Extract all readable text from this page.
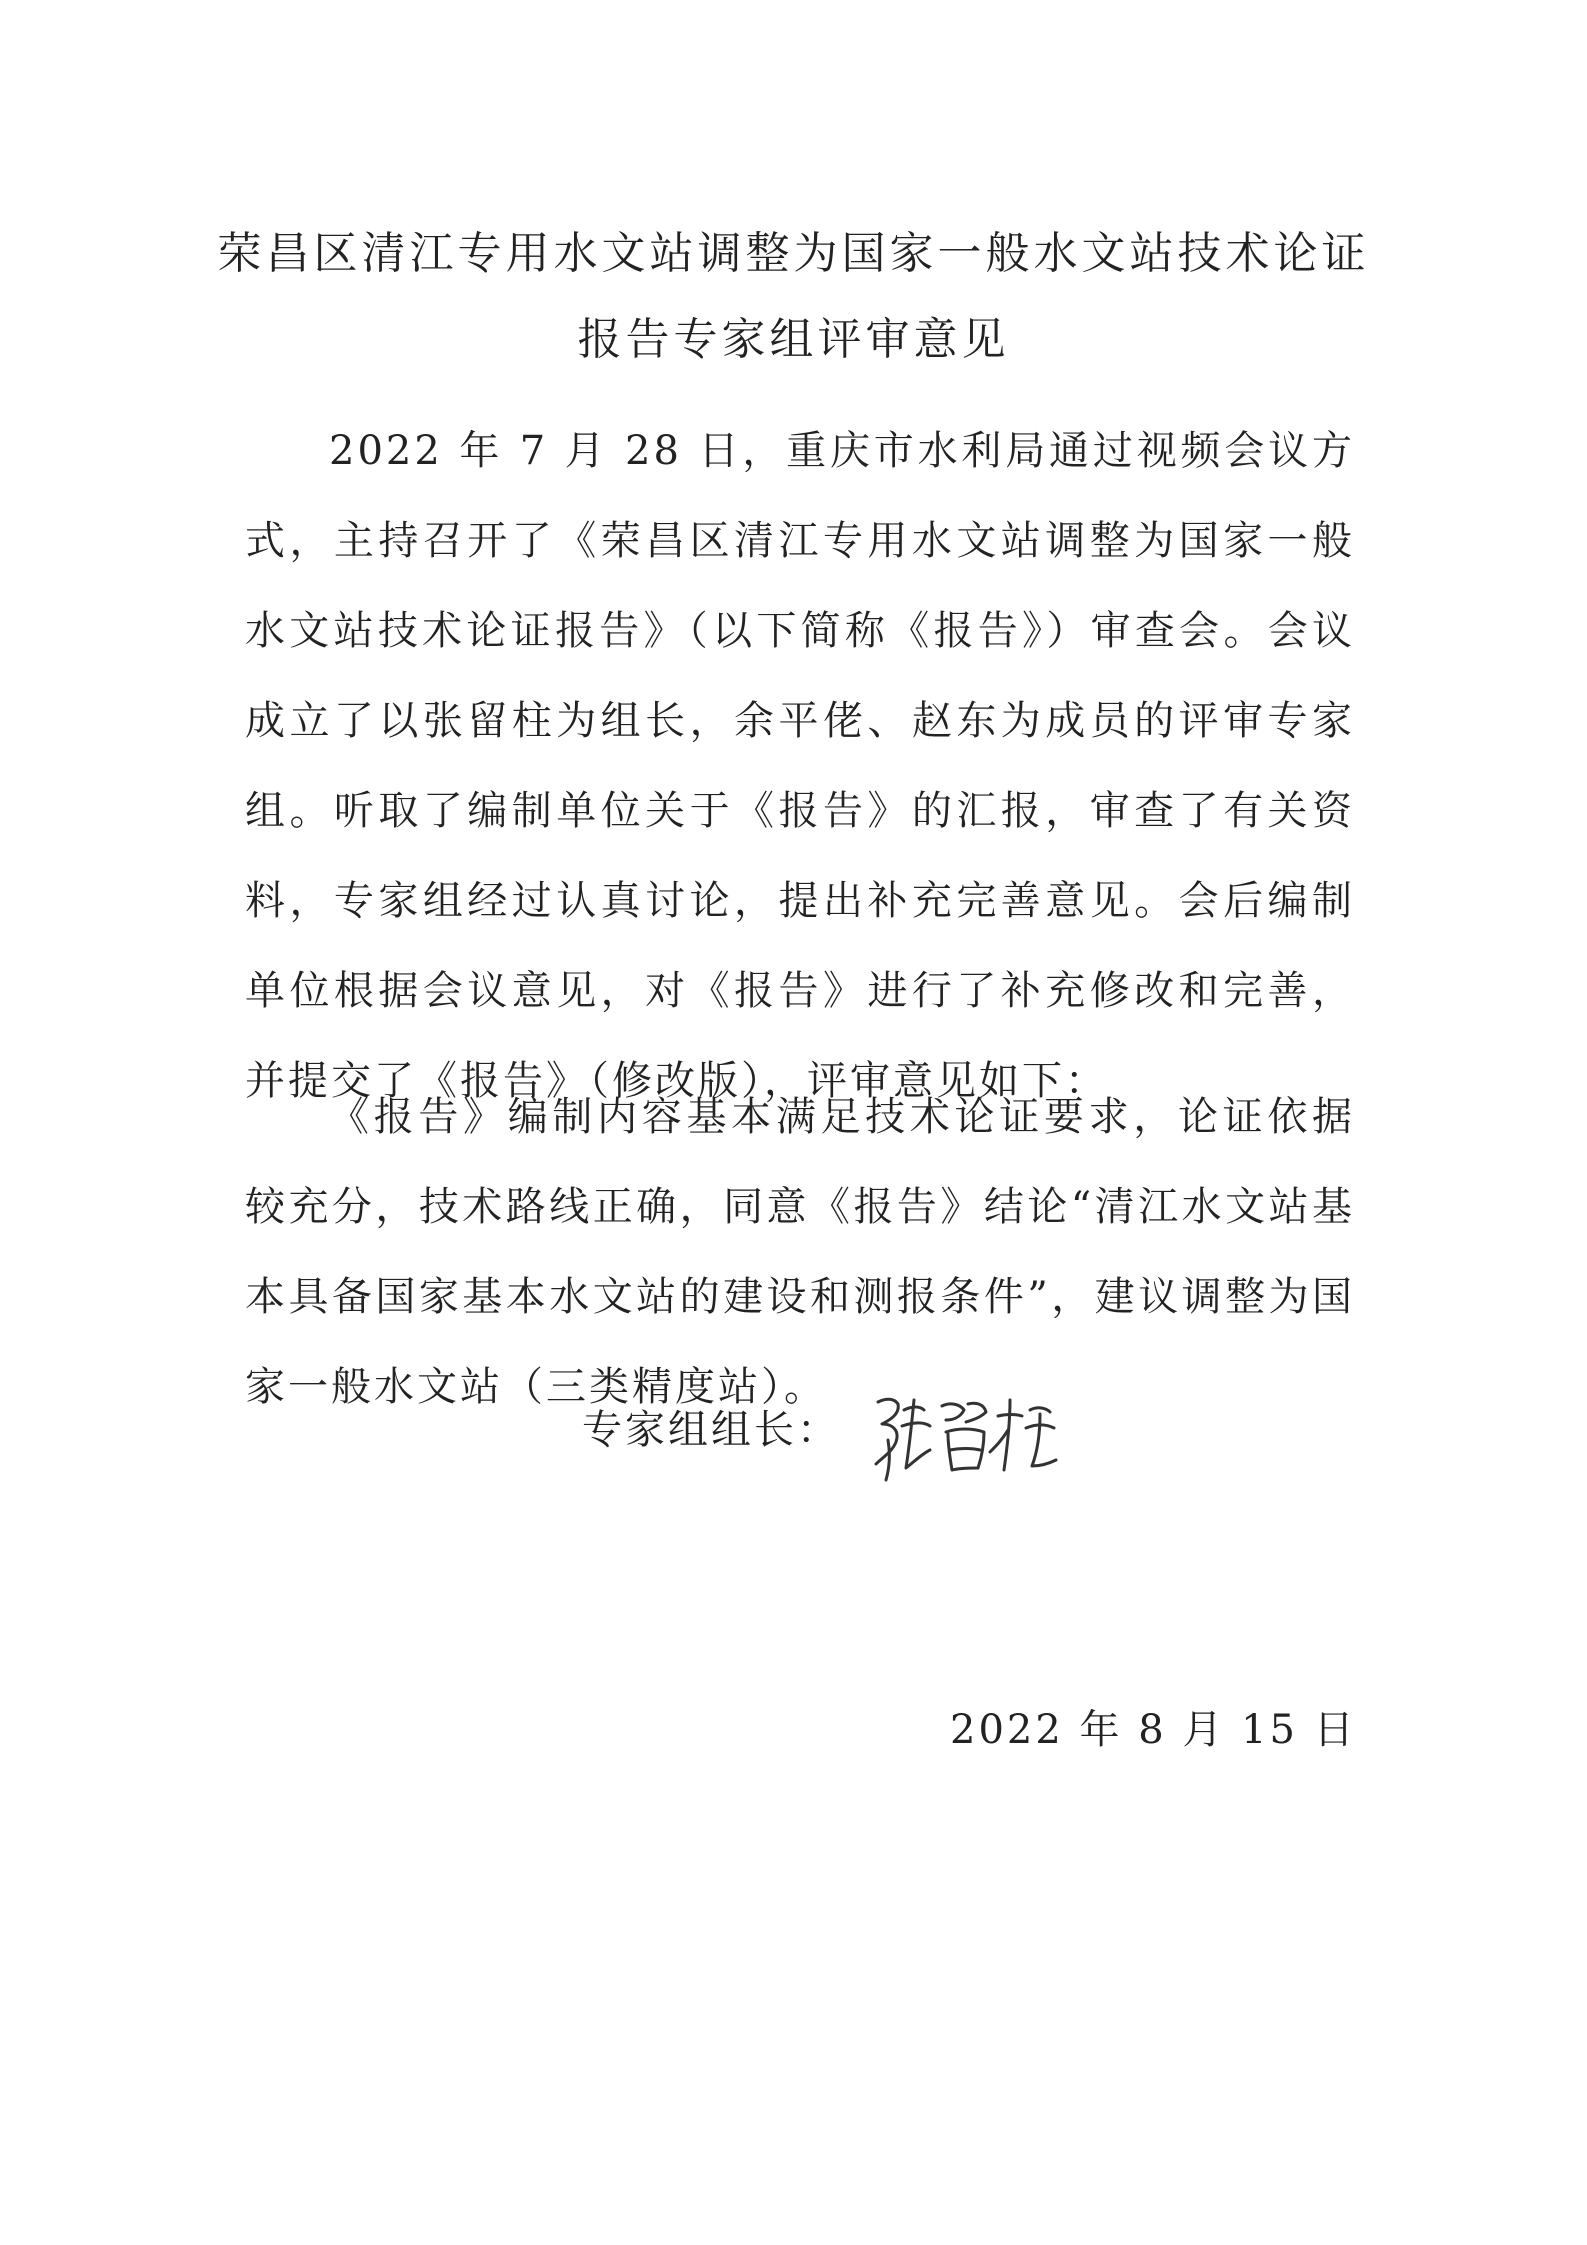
荣昌区清江专用水文站调整为国家一般水文站技术论证
报告专家组评审意见

2022 年 7 月 28 日，重庆市水利局通过视频会议方式，主持召开了《荣昌区清江专用水文站调整为国家一般水文站技术论证报告》（以下简称《报告》）审查会。会议成立了以张留柱为组长，余平佬、赵东为成员的评审专家组。听取了编制单位关于《报告》的汇报，审查了有关资料，专家组经过认真讨论，提出补充完善意见。会后编制单位根据会议意见，对《报告》进行了补充修改和完善，并提交了《报告》（修改版），评审意见如下：

《报告》编制内容基本满足技术论证要求，论证依据较充分，技术路线正确，同意《报告》结论“清江水文站基本具备国家基本水文站的建设和测报条件”，建议调整为国家一般水文站（三类精度站）。

专家组组长：
2022 年 8 月 15 日
